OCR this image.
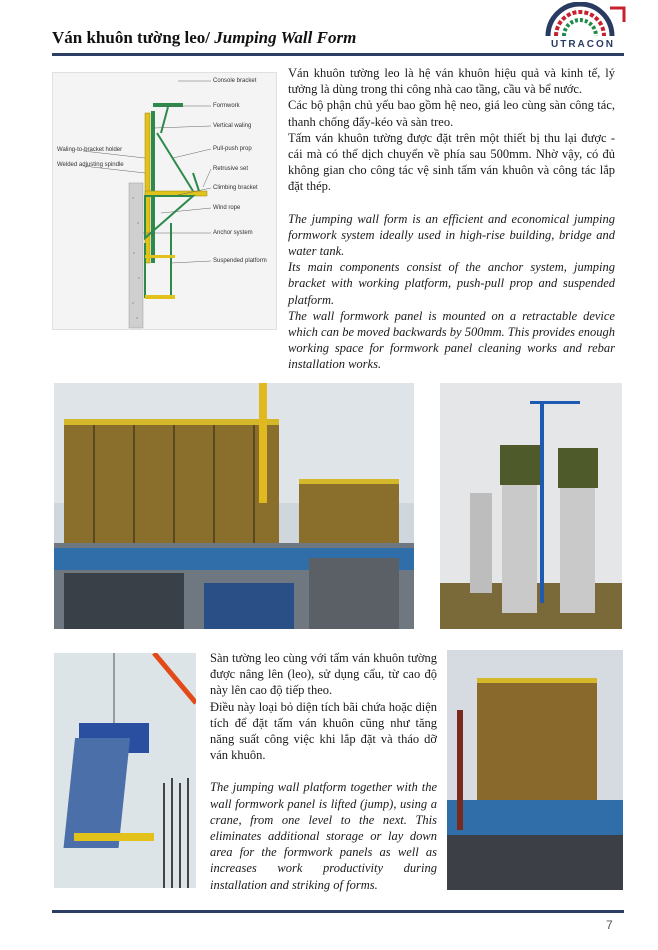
Ván khuôn tường leo/ Jumping Wall Form	UTRACON
Console bracket
Formwork
Vertical waling
Pull-push prop
Retrusive set
Climbing bracket
Wind rope
Anchor system
Suspended platform
Waling-to-bracket holder
Welded adjusting spindle

Ván khuôn tường leo là hệ ván khuôn hiệu quả và kinh tế, lý tưởng là dùng trong thi công nhà cao tầng, cầu và bể nước.

Các bộ phận chủ yếu bao gồm hệ neo, giá leo cùng sàn công tác, thanh chống đẩy-kéo và sàn treo.

Tấm ván khuôn tường được đặt trên một thiết bị thu lại được - cái mà có thể dịch chuyển về phía sau 500mm. Nhờ vậy, có đủ không gian cho công tác vệ sinh tấm ván khuôn và công tác lắp đặt thép.

The jumping wall form is an efficient and economical jumping formwork system ideally used in high-rise building, bridge and water tank.

Its main components consist of the anchor system, jumping bracket with working platform, push-pull prop and suspended platform.

The wall formwork panel is mounted on a retractable device which can be moved backwards by 500mm. This provides enough working space for formwork panel cleaning works and rebar installation works.

Sàn tường leo cùng với tấm ván khuôn tường được nâng lên (leo), sử dụng cẩu, từ cao độ này lên cao độ tiếp theo.

Điều này loại bỏ diện tích bãi chứa hoặc diện tích để đặt tấm ván khuôn cũng như tăng năng suất công việc khi lắp đặt và tháo dỡ ván khuôn.

The jumping wall platform together with the wall formwork panel is lifted (jump), using a crane, from one level to the next. This eliminates additional storage or lay down area for the formwork panels as well as increases work productivity during installation and striking of forms.

7
